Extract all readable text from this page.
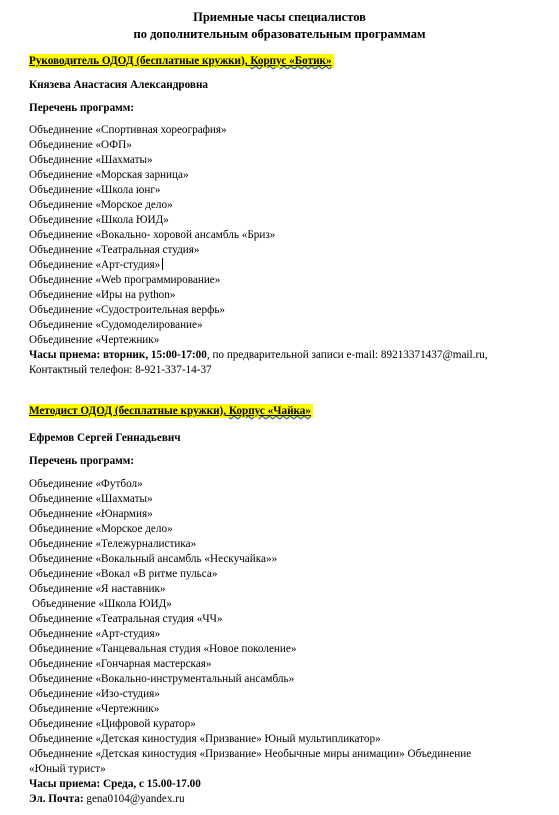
Приемные часы специалистов
по дополнительным образовательным программам
Руководитель ОДОД (бесплатные кружки), Корпус «Ботик»
Князева Анастасия Александровна
Перечень программ:
Объединение «Спортивная хореография»
Объединение «ОФП»
Объединение «Шахматы»
Объединение «Морская зарница»
Объединение «Школа юнг»
Объединение «Морское дело»
Объединение «Школа ЮИД»
Объединение «Вокально- хоровой ансамбль «Бриз»
Объединение «Театральная студия»
Объединение «Арт-студия»
Объединение «Web программирование»
Объединение «Иры на python»
Объединение «Судостроительная верфь»
Объединение «Судомоделирование»
Объединение «Чертежник»
Часы приема: вторник, 15:00-17:00, по предварительной записи e-mail: 89213371437@mail.ru,
Контактный телефон: 8-921-337-14-37
Методист ОДОД (бесплатные кружки), Корпус «Чайка»
Ефремов Сергей Геннадьевич
Перечень программ:
Объединение «Футбол»
Объединение «Шахматы»
Объединение «Юнармия»
Объединение «Морское дело»
Объединение «Тележурналистика»
Объединение «Вокальный ансамбль «Нескучайка»»
Объединение «Вокал «В ритме пульса»
Объединение «Я наставник»
Объединение «Школа ЮИД»
Объединение «Театральная студия «ЧЧ»
Объединение «Арт-студия»
Объединение «Танцевальная студия «Новое поколение»
Объединение «Гончарная мастерская»
Объединение «Вокально-инструментальный ансамбль»
Объединение «Изо-студия»
Объединение «Чертежник»
Объединение «Цифровой куратор»
Объединение «Детская киностудия «Призвание» Юный мультипликатор»
Объединение «Детская киностудия «Призвание» Необычные миры анимации» Объединение
«Юный турист»
Часы приема: Среда, с 15.00-17.00
Эл. Почта: gena0104@yandex.ru
